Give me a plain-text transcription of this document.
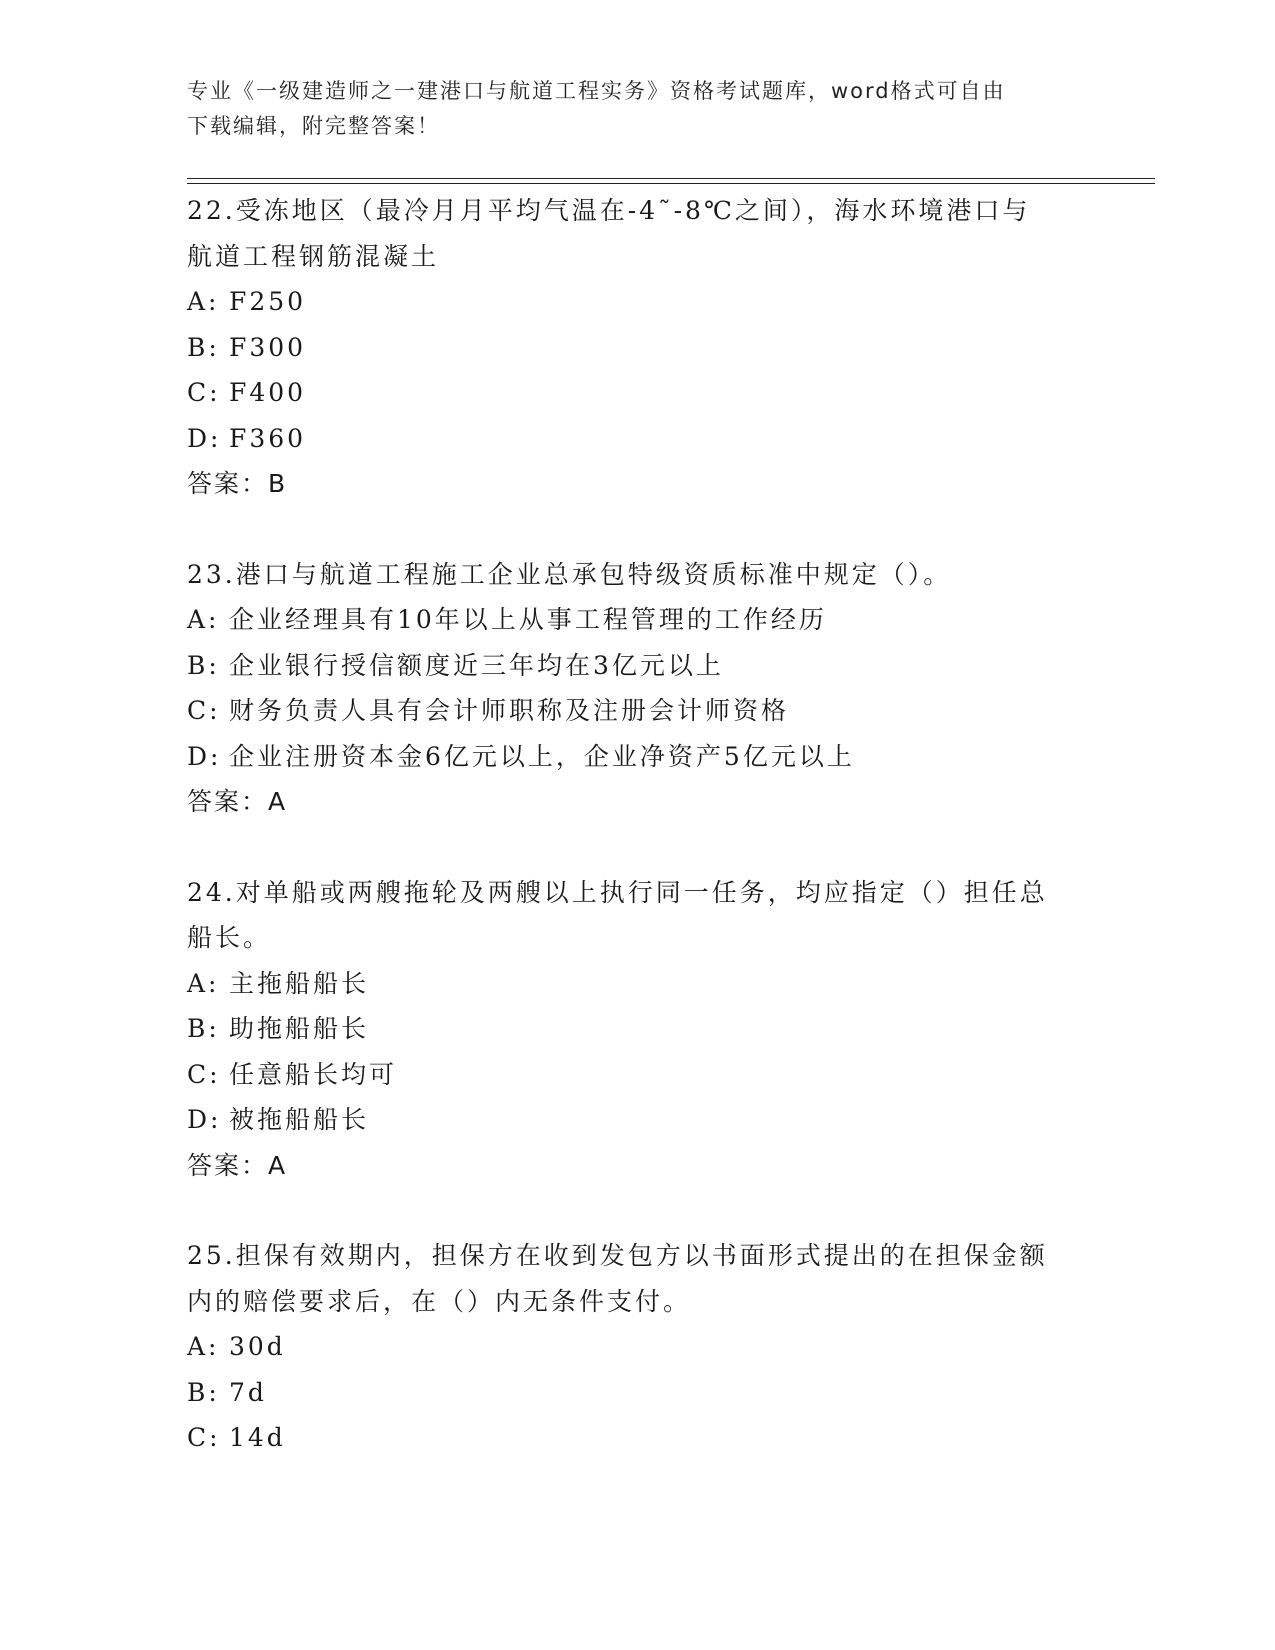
专业《一级建造师之一建港口与航道工程实务》资格考试题库，word格式可自由
下载编辑，附完整答案！
22.受冻地区（最冷月月平均气温在-4˜-8℃之间），海水环境港口与
航道工程钢筋混凝土
A: F250
B: F300
C: F400
D: F360
答案：B
23.港口与航道工程施工企业总承包特级资质标准中规定（）。
A: 企业经理具有10年以上从事工程管理的工作经历
B: 企业银行授信额度近三年均在3亿元以上
C: 财务负责人具有会计师职称及注册会计师资格
D: 企业注册资本金6亿元以上，企业净资产5亿元以上
答案：A
24.对单船或两艘拖轮及两艘以上执行同一任务，均应指定（）担任总
船长。
A: 主拖船船长
B: 助拖船船长
C: 任意船长均可
D: 被拖船船长
答案：A
25.担保有效期内，担保方在收到发包方以书面形式提出的在担保金额
内的赔偿要求后，在（）内无条件支付。
A: 30d
B: 7d
C: 14d
